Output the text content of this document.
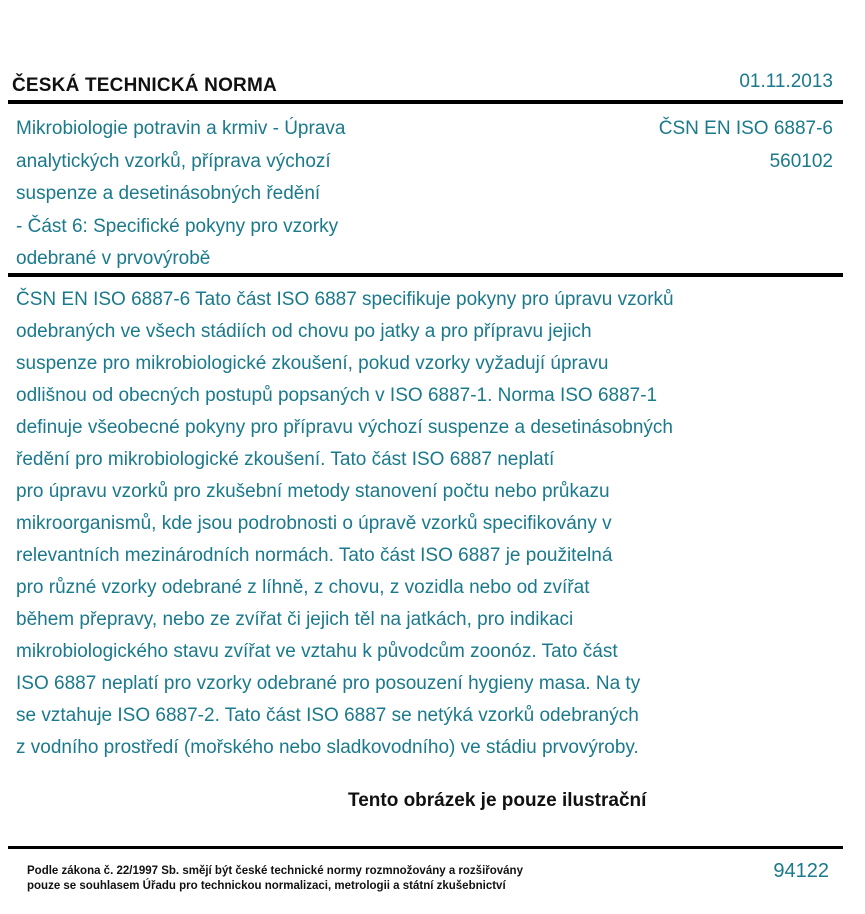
ČESKÁ TECHNICKÁ NORMA	01.11.2013
Mikrobiologie potravin a krmiv - Úprava
analytických vzorků, příprava výchozí
suspenze a desetinásobných ředění
- Část 6: Specifické pokyny pro vzorky
odebrané v prvovýrobě
ČSN EN ISO 6887-6
560102
ČSN EN ISO 6887-6 Tato část ISO 6887 specifikuje pokyny pro úpravu vzorků
odebraných ve všech stádiích od chovu po jatky a pro přípravu jejich
suspenze pro mikrobiologické zkoušení, pokud vzorky vyžadují úpravu
odlišnou od obecných postupů popsaných v ISO 6887-1. Norma ISO 6887-1
definuje všeobecné pokyny pro přípravu výchozí suspenze a desetinásobných
ředění pro mikrobiologické zkoušení. Tato část ISO 6887 neplatí
pro úpravu vzorků pro zkušební metody stanovení počtu nebo průkazu
mikroorganismů, kde jsou podrobnosti o úpravě vzorků specifikovány v
relevantních mezinárodních normách. Tato část ISO 6887 je použitelná
pro různé vzorky odebrané z líhně, z chovu, z vozidla nebo od zvířat
během přepravy, nebo ze zvířat či jejich těl na jatkách, pro indikaci
mikrobiologického stavu zvířat ve vztahu k původcům zoonóz. Tato část
ISO 6887 neplatí pro vzorky odebrané pro posouzení hygieny masa. Na ty
se vztahuje ISO 6887-2. Tato část ISO 6887 se netýká vzorků odebraných
z vodního prostředí (mořského nebo sladkovodního) ve stádiu prvovýroby.
Tento obrázek je pouze ilustrační
Podle zákona č. 22/1997 Sb. smějí být české technické normy rozmnožovány a rozšiřovány
pouze se souhlasem Úřadu pro technickou normalizaci, metrologii a státní zkušebnictví
94122
